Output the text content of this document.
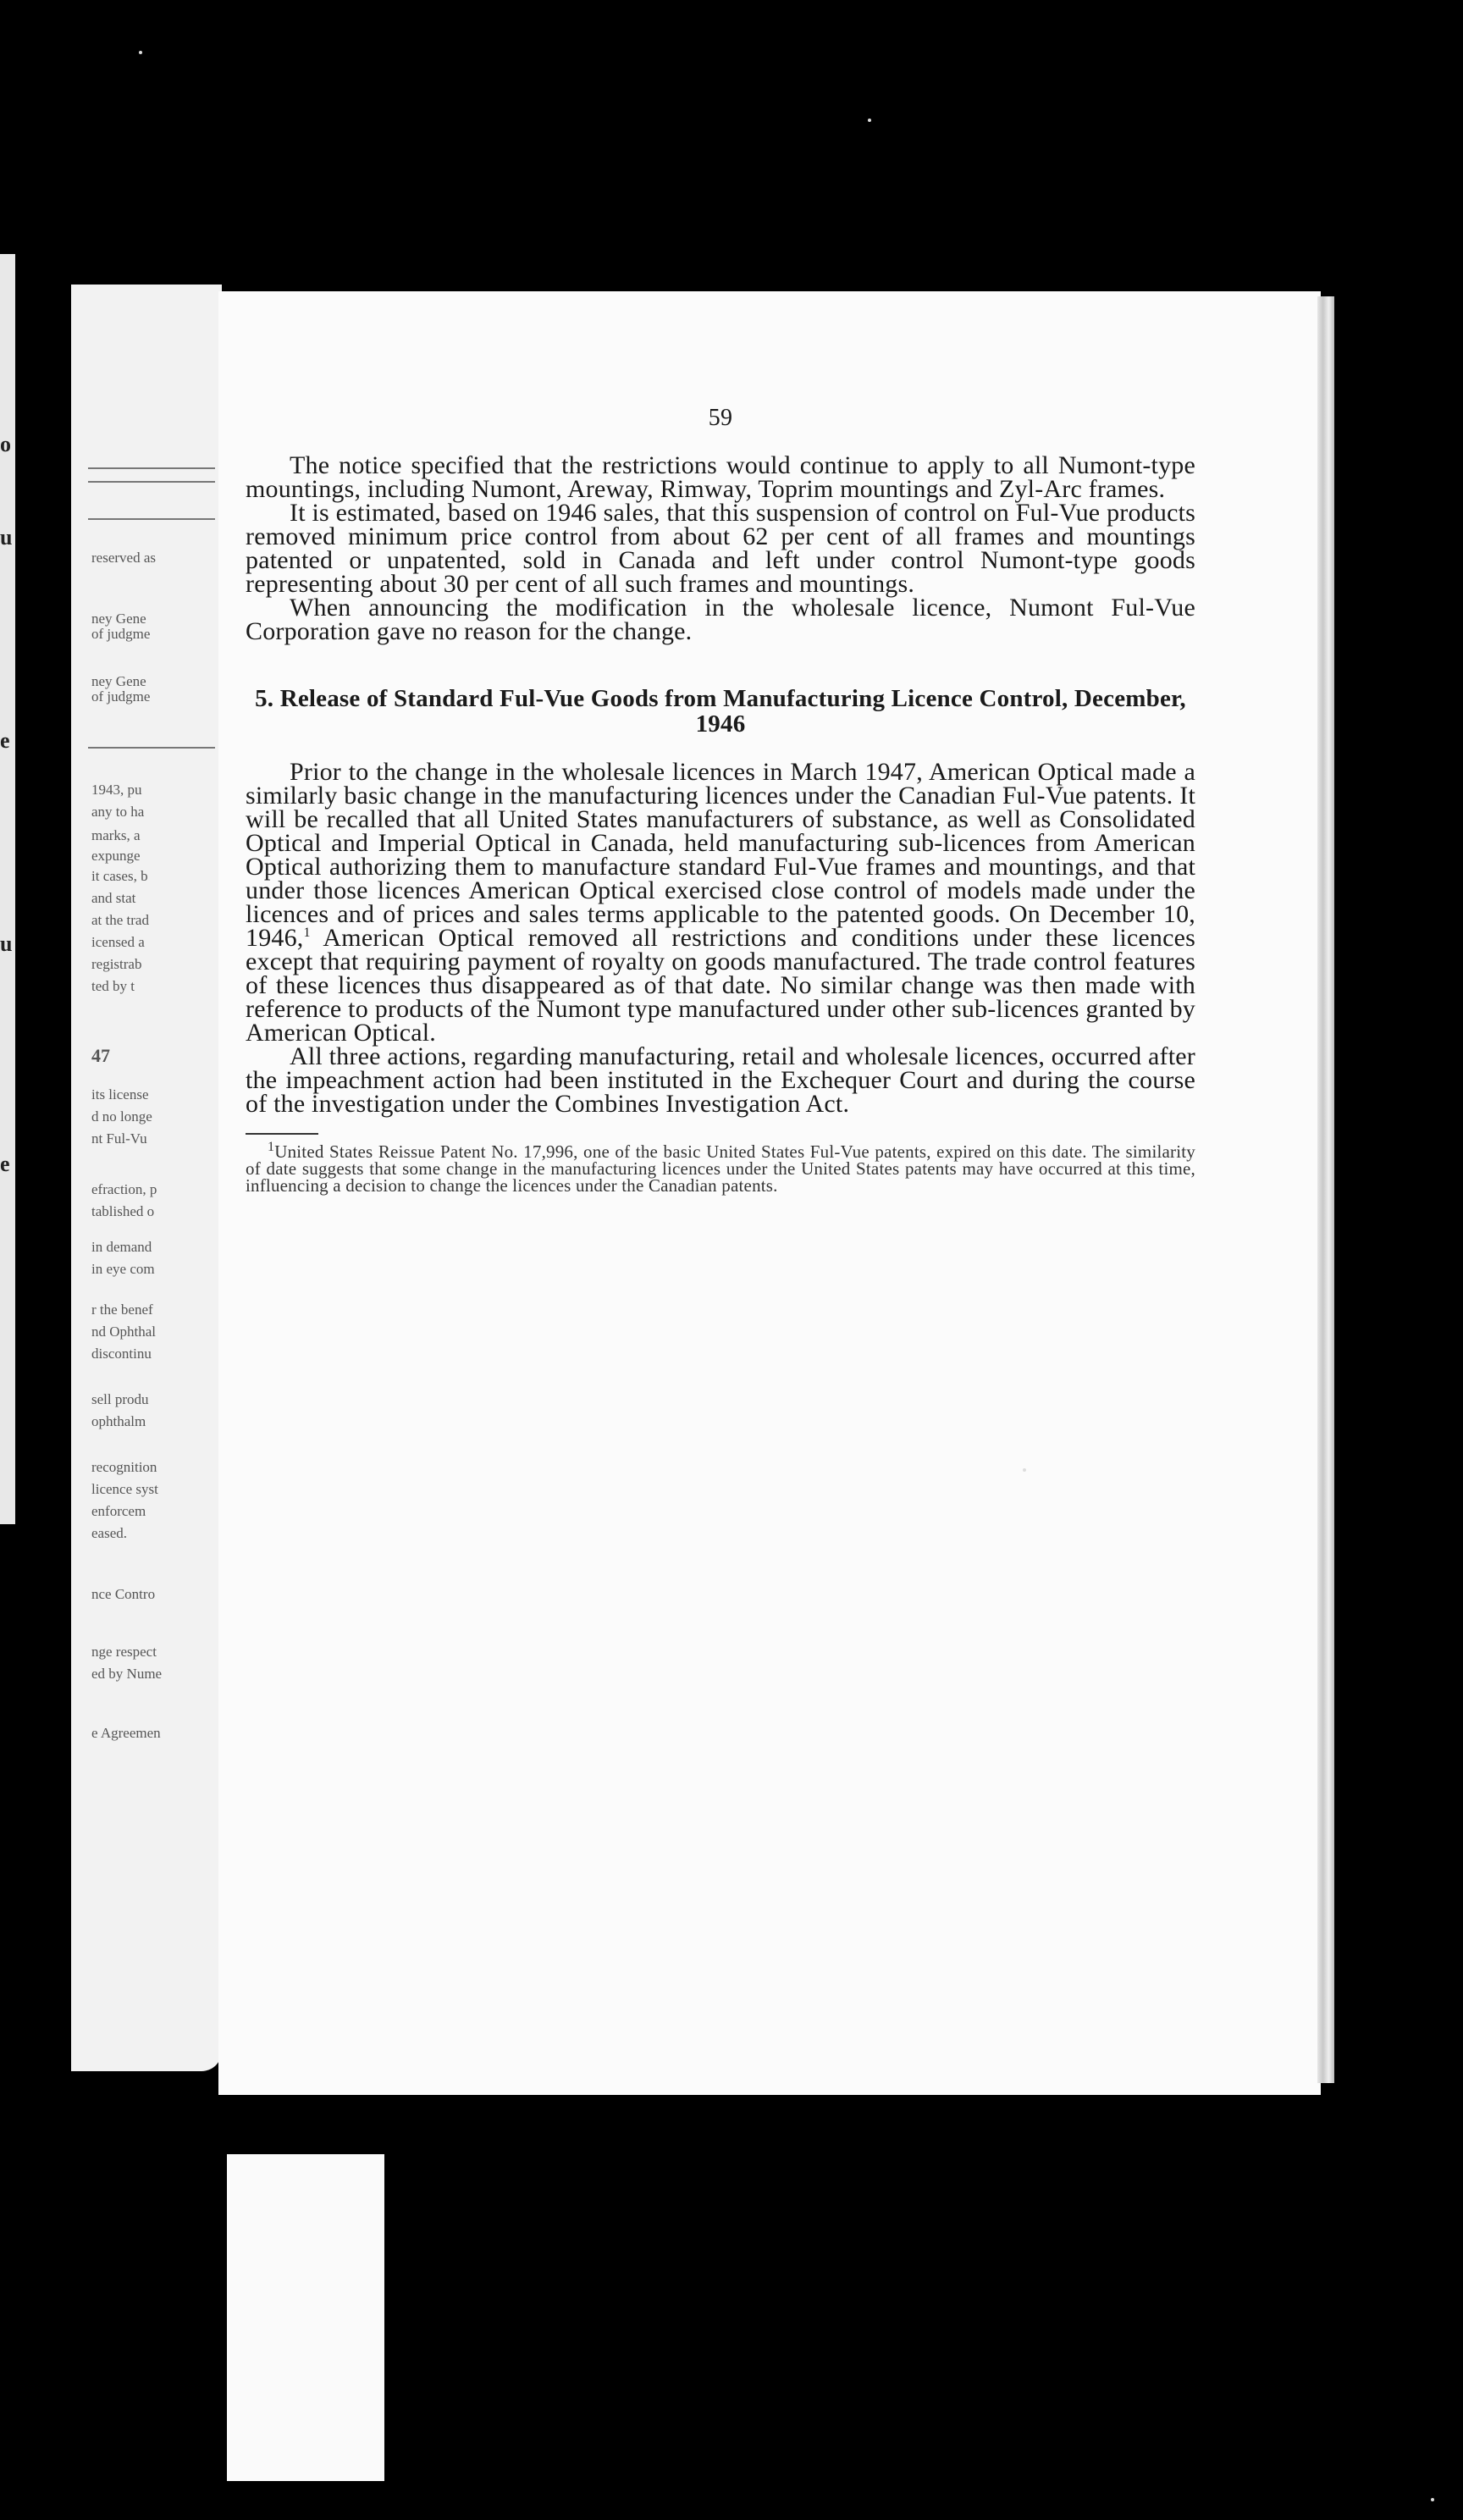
o
u
e
u
e
reserved as
ney Gene
of judgme
ney Gene
of judgme
1943, pu
any to ha
marks, a
expunge
it cases, b
and stat
at the trad
icensed a
registrab
ted by t
its license
d no longe
nt Ful-Vu
efraction, p
tablished o
in demand
in eye com
r the benef
nd Ophthal
discontinu
sell produ
ophthalm
recognition
licence syst
enforcem
eased.
nce Contro
nge respect
ed by Nume
e Agreemen
47
59

The notice specified that the restrictions would continue to apply to all Numont-type mountings, including Numont, Areway, Rimway, Toprim mountings and Zyl-Arc frames.

It is estimated, based on 1946 sales, that this suspension of control on Ful-Vue products removed minimum price control from about 62 per cent of all frames and mountings patented or unpatented, sold in Canada and left under control Numont-type goods representing about 30 per cent of all such frames and mountings.

When announcing the modification in the wholesale licence, Numont Ful-Vue Corporation gave no reason for the change.

5. Release of Standard Ful-Vue Goods from Manufacturing Licence Control, December, 1946

Prior to the change in the wholesale licences in March 1947, American Optical made a similarly basic change in the manufacturing licences under the Canadian Ful-Vue patents. It will be recalled that all United States manufacturers of substance, as well as Consolidated Optical and Imperial Optical in Canada, held manufacturing sub-licences from American Optical authorizing them to manufacture standard Ful-Vue frames and mountings, and that under those licences American Optical exercised close control of models made under the licences and of prices and sales terms applicable to the patented goods. On December 10, 1946,$^1$ American Optical removed all restrictions and conditions under these licences except that requiring payment of royalty on goods manufactured. The trade control features of these licences thus disappeared as of that date. No similar change was then made with reference to products of the Numont type manufactured under other sub-licences granted by American Optical.

All three actions, regarding manufacturing, retail and wholesale licences, occurred after the impeachment action had been instituted in the Exchequer Court and during the course of the investigation under the Combines Investigation Act.

$^1$United States Reissue Patent No. 17,996, one of the basic United States Ful-Vue patents, expired on this date. The similarity of date suggests that some change in the manufacturing licences under the United States patents may have occurred at this time, influencing a decision to change the licences under the Canadian patents.
